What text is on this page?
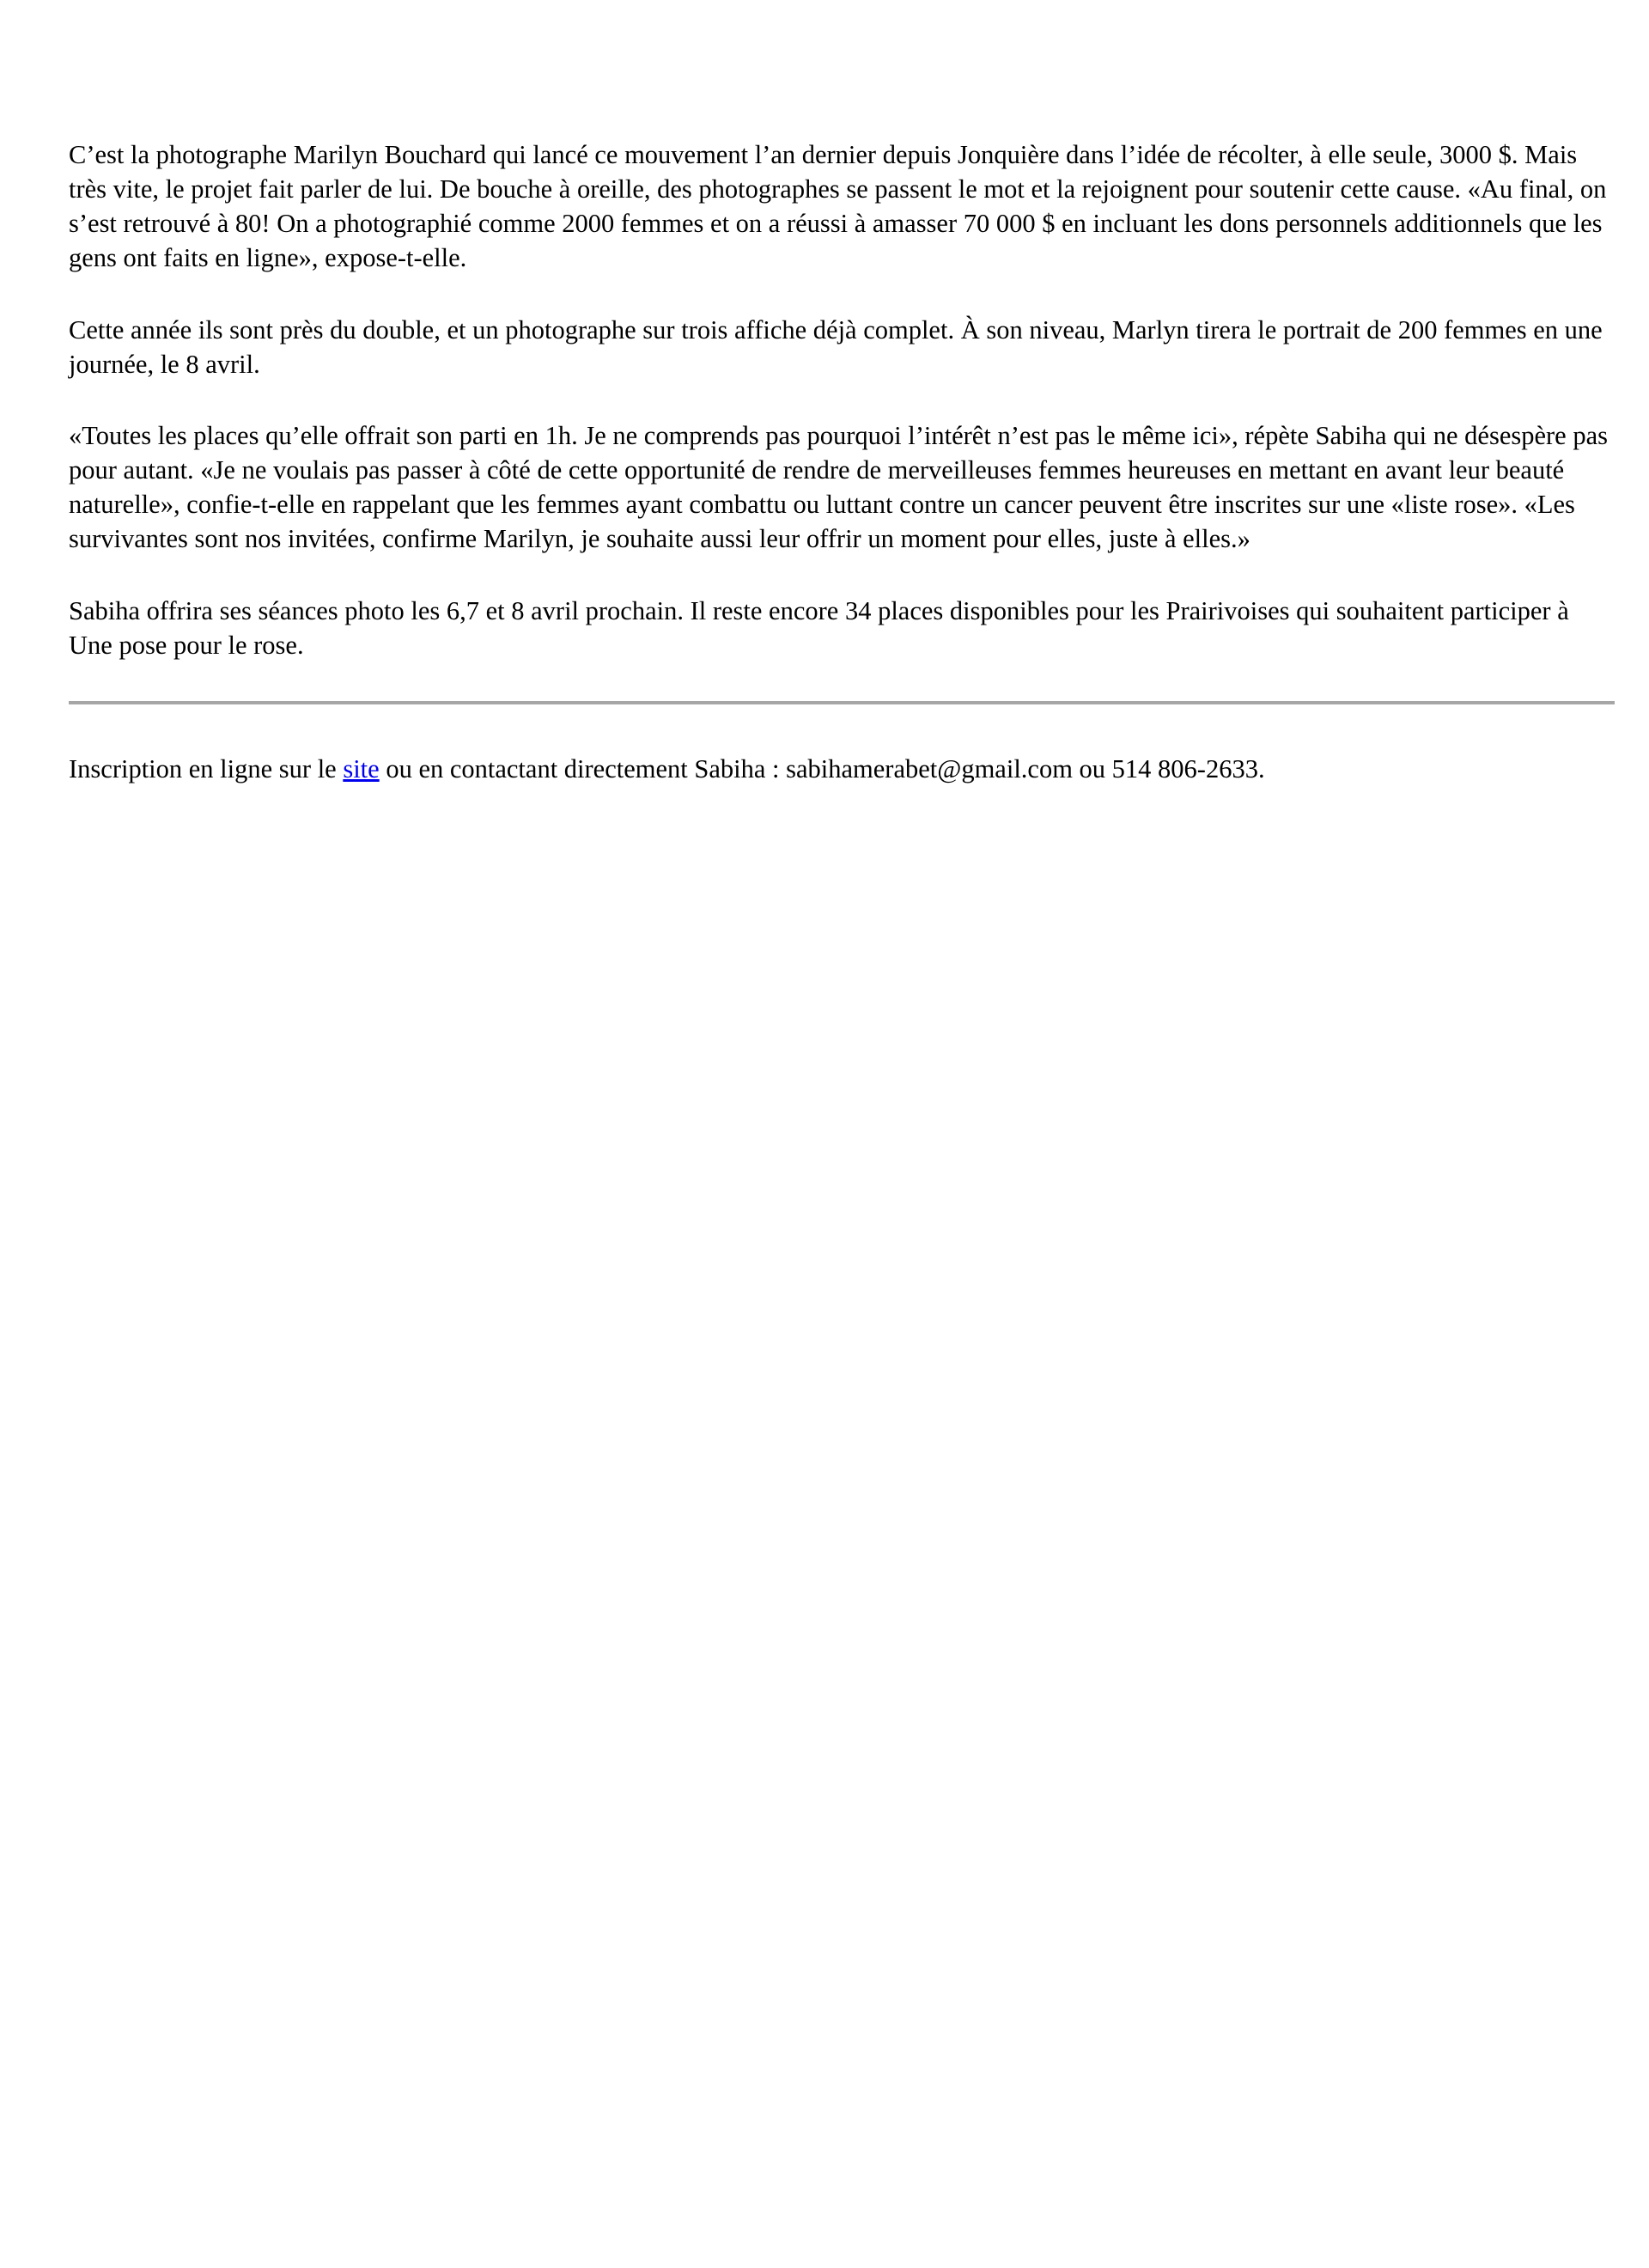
C’est la photographe Marilyn Bouchard qui lancé ce mouvement l’an dernier depuis Jonquière dans l’idée de récolter, à elle seule, 3000 $. Mais très vite, le projet fait parler de lui. De bouche à oreille, des photographes se passent le mot et la rejoignent pour soutenir cette cause. «Au final, on s’est retrouvé à 80! On a photographié comme 2000 femmes et on a réussi à amasser 70 000 $ en incluant les dons personnels additionnels que les gens ont faits en ligne», expose-t-elle.

Cette année ils sont près du double, et un photographe sur trois affiche déjà complet. À son niveau, Marlyn tirera le portrait de 200 femmes en une journée, le 8 avril.

«Toutes les places qu’elle offrait son parti en 1h. Je ne comprends pas pourquoi l’intérêt n’est pas le même ici», répète Sabiha qui ne désespère pas pour autant. «Je ne voulais pas passer à côté de cette opportunité de rendre de merveilleuses femmes heureuses en mettant en avant leur beauté naturelle», confie-t-elle en rappelant que les femmes ayant combattu ou luttant contre un cancer peuvent être inscrites sur une «liste rose». «Les survivantes sont nos invitées, confirme Marilyn, je souhaite aussi leur offrir un moment pour elles, juste à elles.»

Sabiha offrira ses séances photo les 6,7 et 8 avril prochain. Il reste encore 34 places disponibles pour les Prairivoises qui souhaitent participer à Une pose pour le rose.

Inscription en ligne sur le site ou en contactant directement Sabiha : sabihamerabet@gmail.com ou 514 806-2633.
